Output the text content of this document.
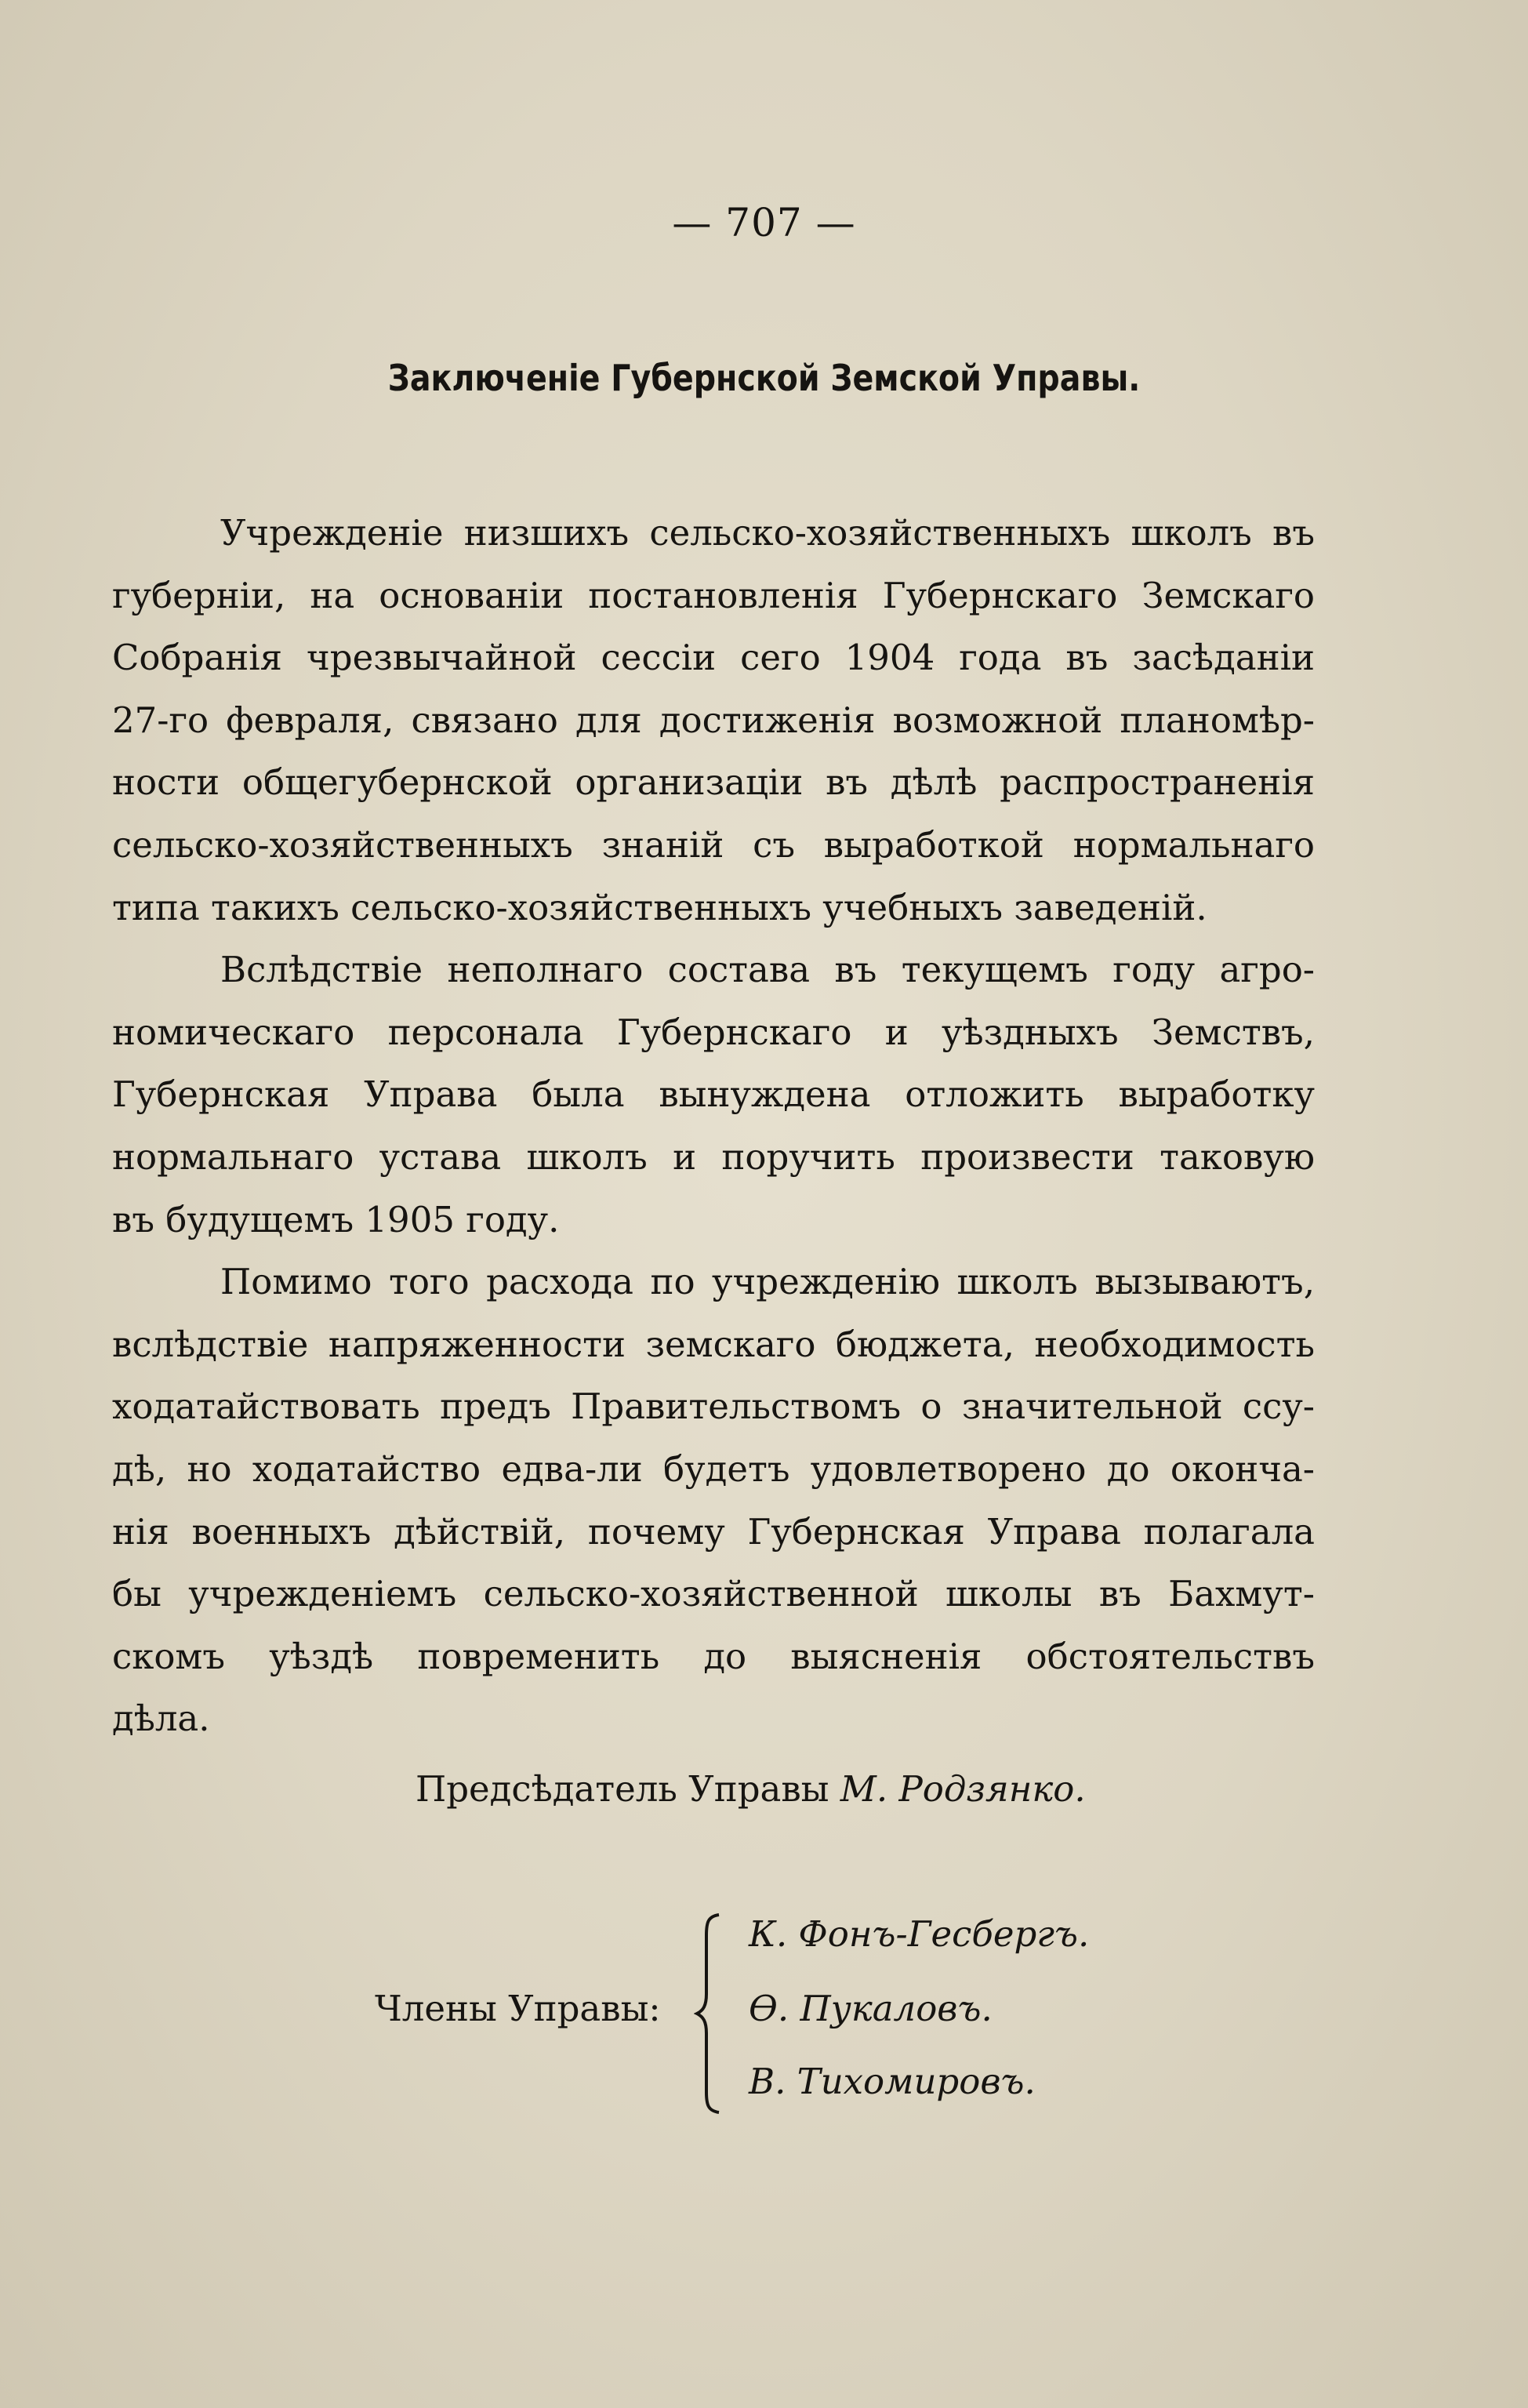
— 707 —
Заключеніе Губернской Земской Управы.
Учрежденіе низшихъ сельско-хозяйственныхъ школъ въ
губерніи, на основаніи постановленія Губернскаго Земскаго
Собранія чрезвычайной сессіи сего 1904 года въ засѣданіи
27-го февраля, связано для достиженія возможной планомѣр-
ности общегубернской организаціи въ дѣлѣ распространенія
сельско-хозяйственныхъ знаній съ выработкой нормальнаго
типа такихъ сельско-хозяйственныхъ учебныхъ заведеній.
Вслѣдствіе неполнаго состава въ текущемъ году агро-
номическаго персонала Губернскаго и уѣздныхъ Земствъ,
Губернская Управа была вынуждена отложить выработку
нормальнаго устава школъ и поручить произвести таковую
въ будущемъ 1905 году.
Помимо того расхода по учрежденію школъ вызываютъ,
вслѣдствіе напряженности земскаго бюджета, необходимость
ходатайствовать предъ Правительствомъ о значительной ссу-
дѣ, но ходатайство едва-ли будетъ удовлетворено до оконча-
нія военныхъ дѣйствій, почему Губернская Управа полагала
бы учрежденіемъ сельско-хозяйственной школы въ Бахмут-
скомъ уѣздѣ повременить до выясненія обстоятельствъ
дѣла.
Предсѣдатель Управы М. Родзянко.
Члены Управы:
К. Фонъ-Гесбергъ.
Ѳ. Пукаловъ.
В. Тихомировъ.
